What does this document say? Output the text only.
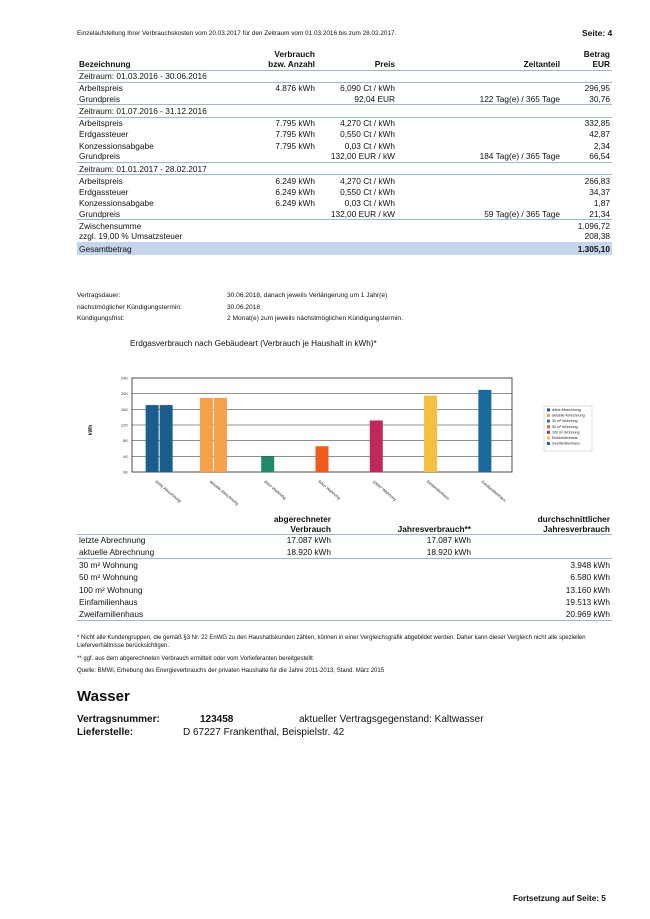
Einzelaufstellung Ihrer Verbrauchskosten vom 20.03.2017 für den Zeitraum vom 01.03.2016 bis zum 28.02.2017.	Seite: 4
Bezeichnung	Verbrauch
bzw. Anzahl	Preis	Zeitanteil	Betrag
EUR
Zeitraum: 01.03.2016 - 30.06.2016				
Arbeitspreis	4.876 kWh	6,090 Ct / kWh		296,95
Grundpreis		92,04 EUR	122 Tag(e) / 365 Tage	30,76
Zeitraum: 01.07.2016 - 31.12.2016				
Arbeitspreis	7.795 kWh	4,270 Ct / kWh		332,85
Erdgassteuer	7.795 kWh	0,550 Ct / kWh		42,87
Konzessionsabgabe	7.795 kWh	0,03 Ct / kWh		2,34
Grundpreis		132,00 EUR / kW	184 Tag(e) / 365 Tage	66,54
Zeitraum: 01.01.2017 - 28.02.2017				
Arbeitspreis	6.249 kWh	4,270 Ct / kWh		266,83
Erdgassteuer	6.249 kWh	0,550 Ct / kWh		34,37
Konzessionsabgabe	6.249 kWh	0,03 Ct / kWh		1,87
Grundpreis		132,00 EUR / kW	59 Tag(e) / 365 Tage	21,34
Zwischensumme				1.096,72
zzgl. 19,00 % Umsatzsteuer				208,38
Gesamtbetrag				1.305,10
Vertragsdauer:	30.06.2018, danach jeweils Verlängerung um 1 Jahr(e)
nächstmöglicher Kündigungstermin:	30.06.2018
Kündigungsfrist:	2 Monat(e) zum jeweils nächstmöglichen Kündigungstermin.
Erdgasverbrauch nach Gebäudeart (Verbrauch je Haushalt in kWh)*
0K
4K
8K
12K
16K
20K
24K
kWh
letzte Abrechnung	aktuelle Abrechnung	30m² Wohnung	50m² Wohnung	100m² Wohnung	Einfamilienhaus	Zweifamilienhaus
letzte Abrechnung
aktuelle Abrechnung
30 m² Wohnung
50 m² Wohnung
100 m² Wohnung
Einfamilienhaus
Zweifamilienhaus
	abgerechneter
Verbrauch	Jahresverbrauch**	durchschnittlicher
Jahresverbrauch
letzte Abrechnung	17.087 kWh	17.087 kWh	
aktuelle Abrechnung	18.920 kWh	18.920 kWh	
30 m² Wohnung			3.948 kWh
50 m² Wohnung			6.580 kWh
100 m² Wohnung			13.160 kWh
Einfamilienhaus			19.513 kWh
Zweifamilienhaus			20.969 kWh
* Nicht alle Kundengruppen, die gemäß §3 Nr. 22 EnWG zu den Haushaltskunden zählen, können in einer Vergleichsgrafik abgebildet werden. Daher kann dieser Vergleich nicht alle speziellen Lieferverhältnisse berücksichtigen.
** ggf. aus dem abgerechneten Verbrauch ermittelt oder vom Vorlieferanten bereitgestellt
Quelle: BMWi, Erhebung des Energieverbrauchs der privaten Haushalte für die Jahre 2011-2013, Stand: März 2015
Wasser
Vertragsnummer:	123458	aktueller Vertragsgegenstand: Kaltwasser
Lieferstelle:	D 67227 Frankenthal, Beispielstr. 42
Fortsetzung auf Seite: 5
